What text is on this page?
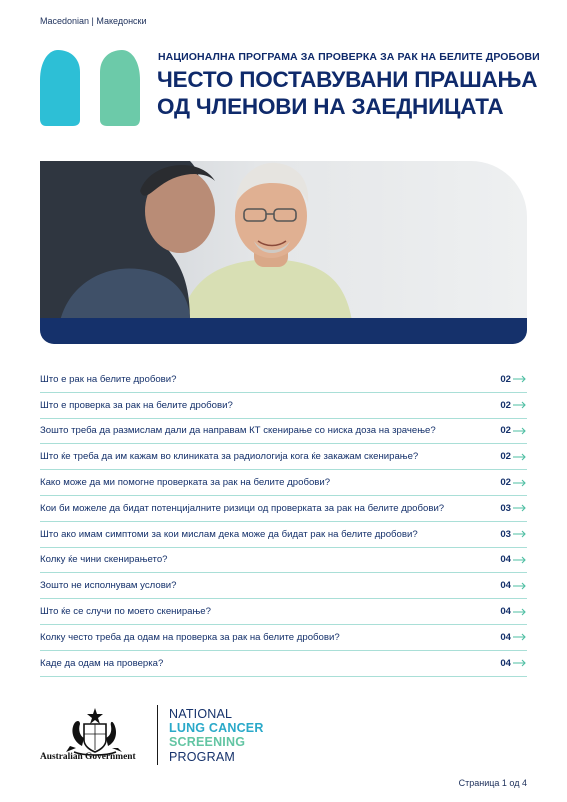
Macedonian | Македонски
НАЦИОНАЛНА ПРОГРАМА ЗА ПРОВЕРКА ЗА РАК НА БЕЛИТЕ ДРОБОВИ
ЧЕСТО ПОСТАВУВАНИ ПРАШАЊА
ОД ЧЛЕНОВИ НА ЗАЕДНИЦАТА
Што е рак на белите дробови?	02
Што е проверка за рак на белите дробови?	02
Зошто треба да размислам дали да направам КТ скенирање со ниска доза на зрачење?	02
Што ќе треба да им кажам во клиниката за радиологија кога ќе закажам скенирање?	02
Како може да ми помогне проверката за рак на белите дробови?	02
Кои би можеле да бидат потенцијалните ризици од проверката за рак на белите дробови?	03
Што ако имам симптоми за кои мислам дека може да бидат рак на белите дробови?	03
Колку ќе чини скенирањето?	04
Зошто не исполнувам услови?	04
Што ќе се случи по моето скенирање?	04
Колку често треба да одам на проверка за рак на белите дробови?	04
Каде да одам на проверка?	04
Australian Government
NATIONAL
LUNG CANCER
SCREENING
PROGRAM
Страница 1 од 4
